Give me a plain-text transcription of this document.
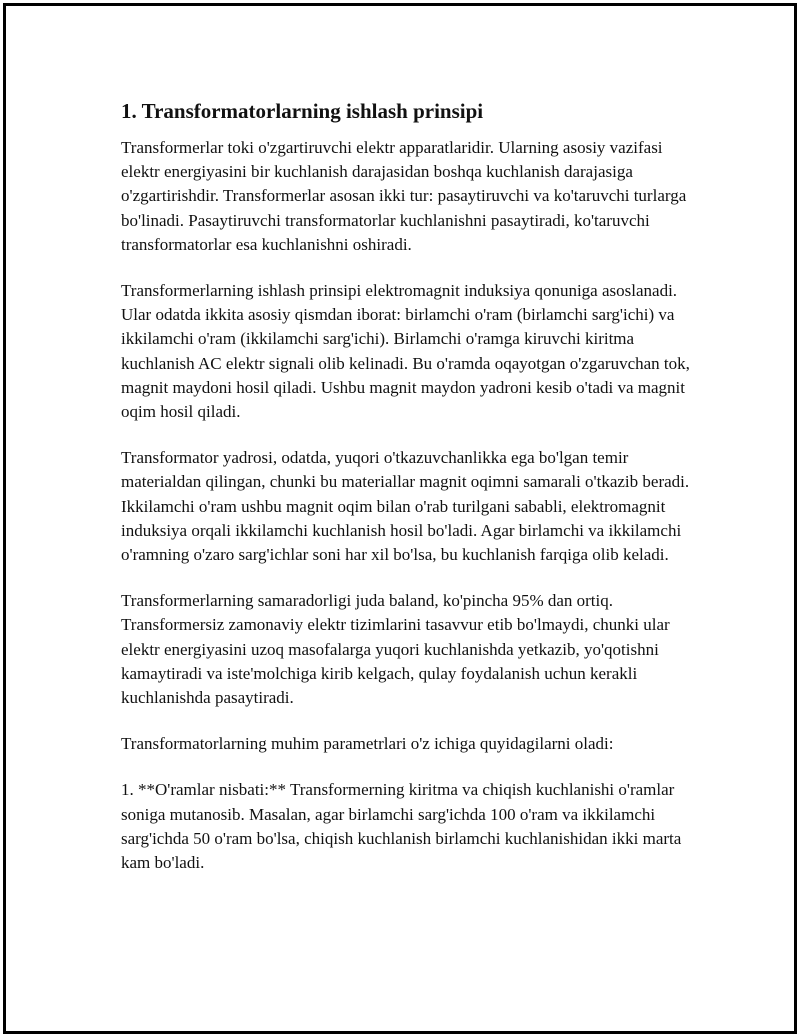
1. Transformatorlarning ishlash prinsipi

Transformerlar toki o'zgartiruvchi elektr apparatlaridir. Ularning asosiy vazifasi elektr energiyasini bir kuchlanish darajasidan boshqa kuchlanish darajasiga o'zgartirishdir. Transformerlar asosan ikki tur: pasaytiruvchi va ko'taruvchi turlarga bo'linadi. Pasaytiruvchi transformatorlar kuchlanishni pasaytiradi, ko'taruvchi transformatorlar esa kuchlanishni oshiradi.

Transformerlarning ishlash prinsipi elektromagnit induksiya qonuniga asoslanadi. Ular odatda ikkita asosiy qismdan iborat: birlamchi o'ram (birlamchi sarg'ichi) va ikkilamchi o'ram (ikkilamchi sarg'ichi). Birlamchi o'ramga kiruvchi kiritma kuchlanish AC elektr signali olib kelinadi. Bu o'ramda oqayotgan o'zgaruvchan tok, magnit maydoni hosil qiladi. Ushbu magnit maydon yadroni kesib o'tadi va magnit oqim hosil qiladi.

Transformator yadrosi, odatda, yuqori o'tkazuvchanlikka ega bo'lgan temir materialdan qilingan, chunki bu materiallar magnit oqimni samarali o'tkazib beradi. Ikkilamchi o'ram ushbu magnit oqim bilan o'rab turilgani sababli, elektromagnit induksiya orqali ikkilamchi kuchlanish hosil bo'ladi. Agar birlamchi va ikkilamchi o'ramning o'zaro sarg'ichlar soni har xil bo'lsa, bu kuchlanish farqiga olib keladi.

Transformerlarning samaradorligi juda baland, ko'pincha 95% dan ortiq. Transformersiz zamonaviy elektr tizimlarini tasavvur etib bo'lmaydi, chunki ular elektr energiyasini uzoq masofalarga yuqori kuchlanishda yetkazib, yo'qotishni kamaytiradi va iste'molchiga kirib kelgach, qulay foydalanish uchun kerakli kuchlanishda pasaytiradi.

Transformatorlarning muhim parametrlari o'z ichiga quyidagilarni oladi:

1. **O'ramlar nisbati:** Transformerning kiritma va chiqish kuchlanishi o'ramlar soniga mutanosib. Masalan, agar birlamchi sarg'ichda 100 o'ram va ikkilamchi sarg'ichda 50 o'ram bo'lsa, chiqish kuchlanish birlamchi kuchlanishidan ikki marta kam bo'ladi.
